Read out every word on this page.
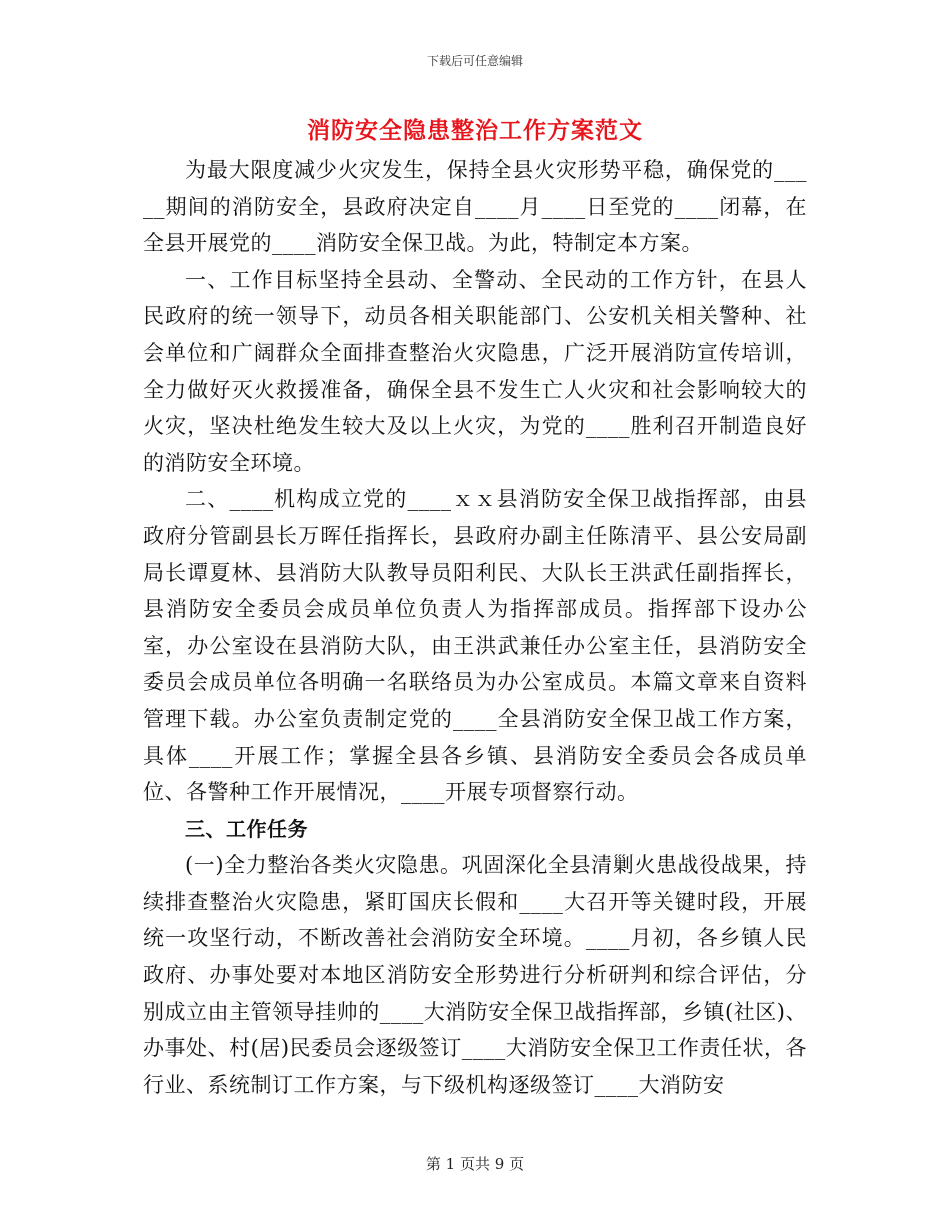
下载后可任意编辑
消防安全隐患整治工作方案范文

为最大限度减少火灾发生，保持全县火灾形势平稳，确保党的_____期间的消防安全，县政府决定自____月____日至党的____闭幕，在全县开展党的____消防安全保卫战。为此，特制定本方案。

一、工作目标坚持全县动、全警动、全民动的工作方针，在县人民政府的统一领导下，动员各相关职能部门、公安机关相关警种、社会单位和广阔群众全面排查整治火灾隐患，广泛开展消防宣传培训，全力做好灭火救援准备，确保全县不发生亡人火灾和社会影响较大的火灾，坚决杜绝发生较大及以上火灾，为党的____胜利召开制造良好的消防安全环境。

二、____机构成立党的____ｘｘ县消防安全保卫战指挥部，由县政府分管副县长万晖任指挥长，县政府办副主任陈清平、县公安局副局长谭夏林、县消防大队教导员阳利民、大队长王洪武任副指挥长，县消防安全委员会成员单位负责人为指挥部成员。指挥部下设办公室，办公室设在县消防大队，由王洪武兼任办公室主任，县消防安全委员会成员单位各明确一名联络员为办公室成员。本篇文章来自资料管理下载。办公室负责制定党的____全县消防安全保卫战工作方案，具体____开展工作；掌握全县各乡镇、县消防安全委员会各成员单位、各警种工作开展情况，____开展专项督察行动。

三、工作任务

(一)全力整治各类火灾隐患。巩固深化全县清剿火患战役战果，持续排查整治火灾隐患，紧盯国庆长假和____大召开等关键时段，开展统一攻坚行动，不断改善社会消防安全环境。____月初，各乡镇人民政府、办事处要对本地区消防安全形势进行分析研判和综合评估，分别成立由主管领导挂帅的____大消防安全保卫战指挥部，乡镇(社区)、办事处、村(居)民委员会逐级签订____大消防安全保卫工作责任状，各行业、系统制订工作方案，与下级机构逐级签订____大消防安

第 1 页共 9 页
